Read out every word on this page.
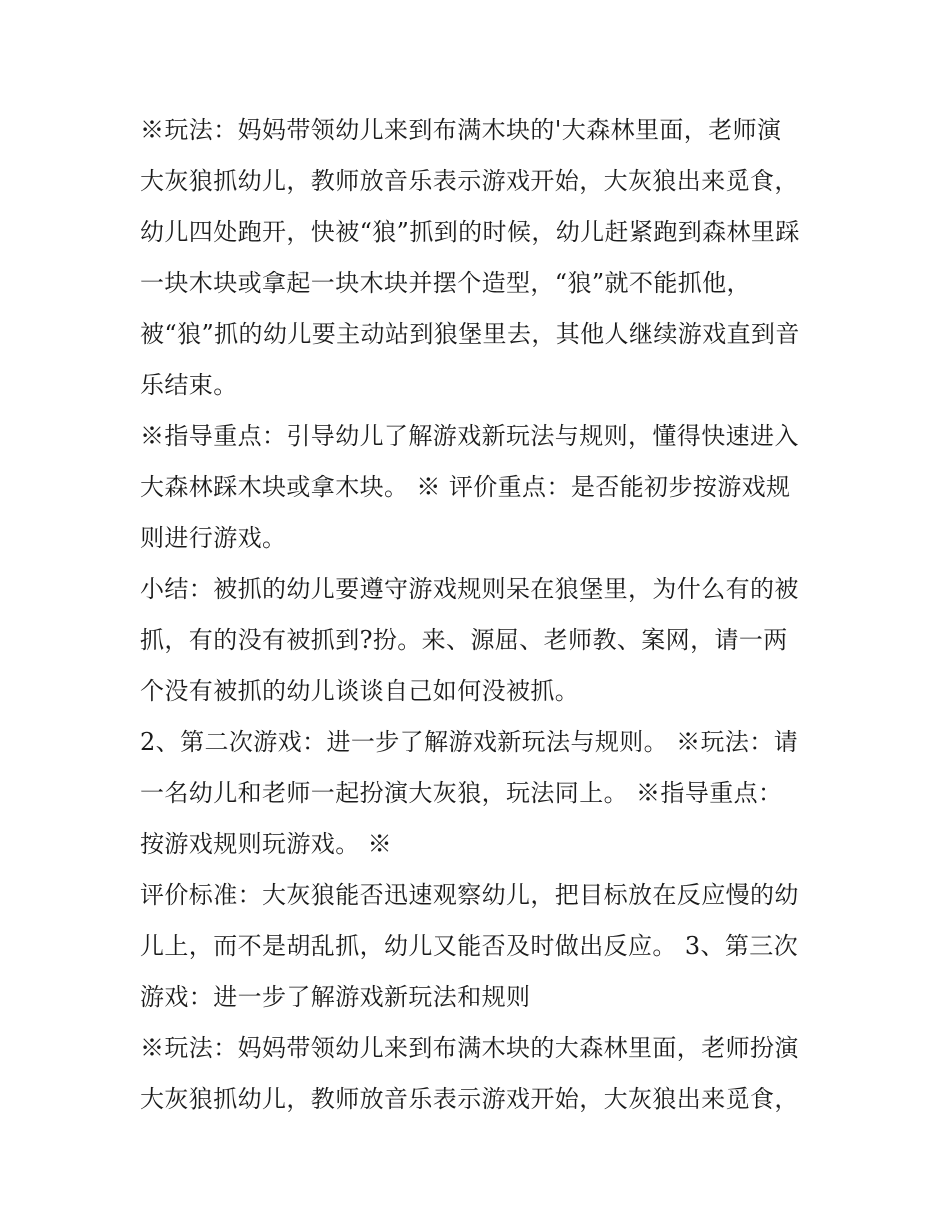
※玩法：妈妈带领幼儿来到布满木块的'大森林里面，老师演
大灰狼抓幼儿，教师放音乐表示游戏开始，大灰狼出来觅食，
幼儿四处跑开，快被“狼”抓到的时候，幼儿赶紧跑到森林里踩
一块木块或拿起一块木块并摆个造型，“狼”就不能抓他，
被“狼”抓的幼儿要主动站到狼堡里去，其他人继续游戏直到音
乐结束。
※指导重点：引导幼儿了解游戏新玩法与规则，懂得快速进入
大森林踩木块或拿木块。 ※ 评价重点：是否能初步按游戏规
则进行游戏。
小结：被抓的幼儿要遵守游戏规则呆在狼堡里，为什么有的被
抓，有的没有被抓到?扮。来、源屈、老师教、案网，请一两
个没有被抓的幼儿谈谈自己如何没被抓。
2、第二次游戏：进一步了解游戏新玩法与规则。 ※玩法：请
一名幼儿和老师一起扮演大灰狼，玩法同上。 ※指导重点：
按游戏规则玩游戏。 ※
评价标准：大灰狼能否迅速观察幼儿，把目标放在反应慢的幼
儿上，而不是胡乱抓，幼儿又能否及时做出反应。 3、第三次
游戏：进一步了解游戏新玩法和规则
※玩法：妈妈带领幼儿来到布满木块的大森林里面，老师扮演
大灰狼抓幼儿，教师放音乐表示游戏开始，大灰狼出来觅食，
